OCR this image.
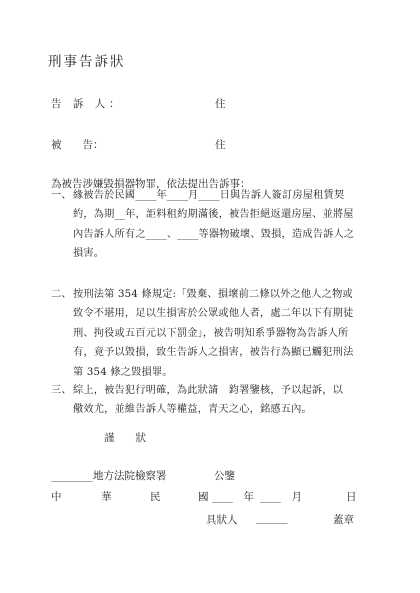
刑事告訴狀
告 訴 人：	住
被　　告：	住
為被告涉嫌毀損器物罪，依法提出告訴事：
一、 緣被告於民國____年____月____日與告訴人簽訂房屋租賃契
約，為期__年，詎料租約期滿後，被告拒絕返還房屋、並將屋
內告訴人所有之____、____等器物破壞、毀損，造成告訴人之
損害。
二、 按刑法第 354 條規定:「毀棄、損壞前二條以外之他人之物或
致令不堪用，足以生損害於公眾或他人者，處二年以下有期徒
刑、拘役或五百元以下罰金」，被告明知系爭器物為告訴人所
有，竟予以毀損，致生告訴人之損害，被告行為顯已觸犯刑法
第 354 條之毀損罪。
三、 綜上，被告犯行明確，為此狀請　鈞署鑒核，予以起訴，以
儆效尤，並維告訴人等權益，青天之心，銘感五內。
謹　　狀
________地方法院檢察署	公鑒
中	華	民	國 ____　年 ____　月	日
具狀人 ______	蓋章
